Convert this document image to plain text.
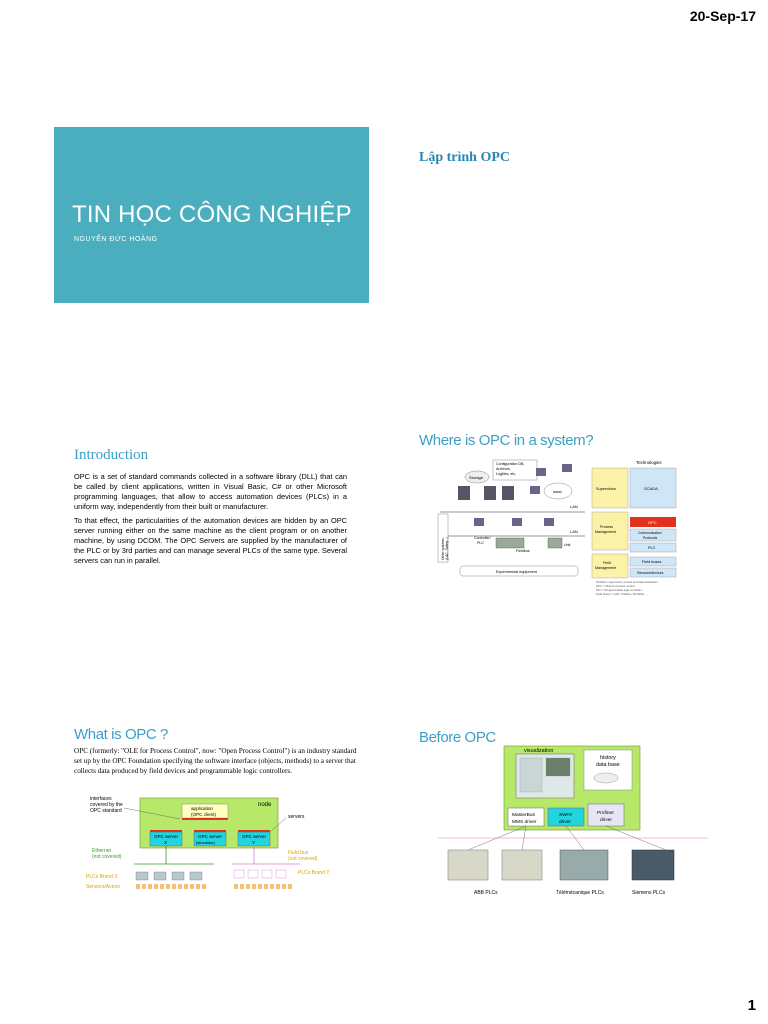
20-Sep-17
1
TIN HỌC CÔNG NGHIỆP
NGUYỄN ĐỨC HOÀNG
Lập trình OPC
Introduction

OPC is a set of standard commands collected in a software library (DLL) that can be called by client applications, written in Visual Basic, C# or other Microsoft programming languages, that allow to access automation devices (PLCs) in a uniform way, independently from their built or manufacturer.

To that effect, the particularities of the automation devices are hidden by an OPC server running either on the same machine as the client program or on another machine, by using DCOM. The OPC Servers are supplied by the manufacturer of the PLC or by 3rd parties and can manage several PLCs of the same type. Several servers can run in parallel.

Where is OPC in a system?
Configuration DB,
Archives,
Logfiles, etc.
Storage
www
LAN
LAN
Other systems (LAC, Safety...)	Controller/
PLC
Fieldbus
Unit
Experimental equipment
Technologies
Supervision
Process
Management
Field
Management
SCADA
OPC
Communication
Protocols
PLC
Field buses
Sensors/devices
SCADA = supervisory control and data acquisition
OPC = OLE for process control
PLC = Programmable logic controller
Field buses = CAN, Profibus, WorldFip, ...
What is OPC ?
OPC (formerly: "OLE for Process Control", now: "Open Process Control") is an industry standard set up by the OPC Foundation specifying the software interface (objects, methods) to a server that collects data produced by field devices and programmable logic controllers.
node
interfaces
covered by the
OPC standard	application
(OPC client)
OPC server
X
OPC server
(simulator)
OPC server
Y
servers
Ethernet
(not covered)
Field bus
(not covered)
PLCs Brand X
Sensors/Actors
PLCs Brand Y
Before OPC
visualization
history
data base
MasterBus
MMS driver
XWAY
driver
Profinet
driver
ABB PLCs	Télémécanique PLCs	Siemens PLCs
